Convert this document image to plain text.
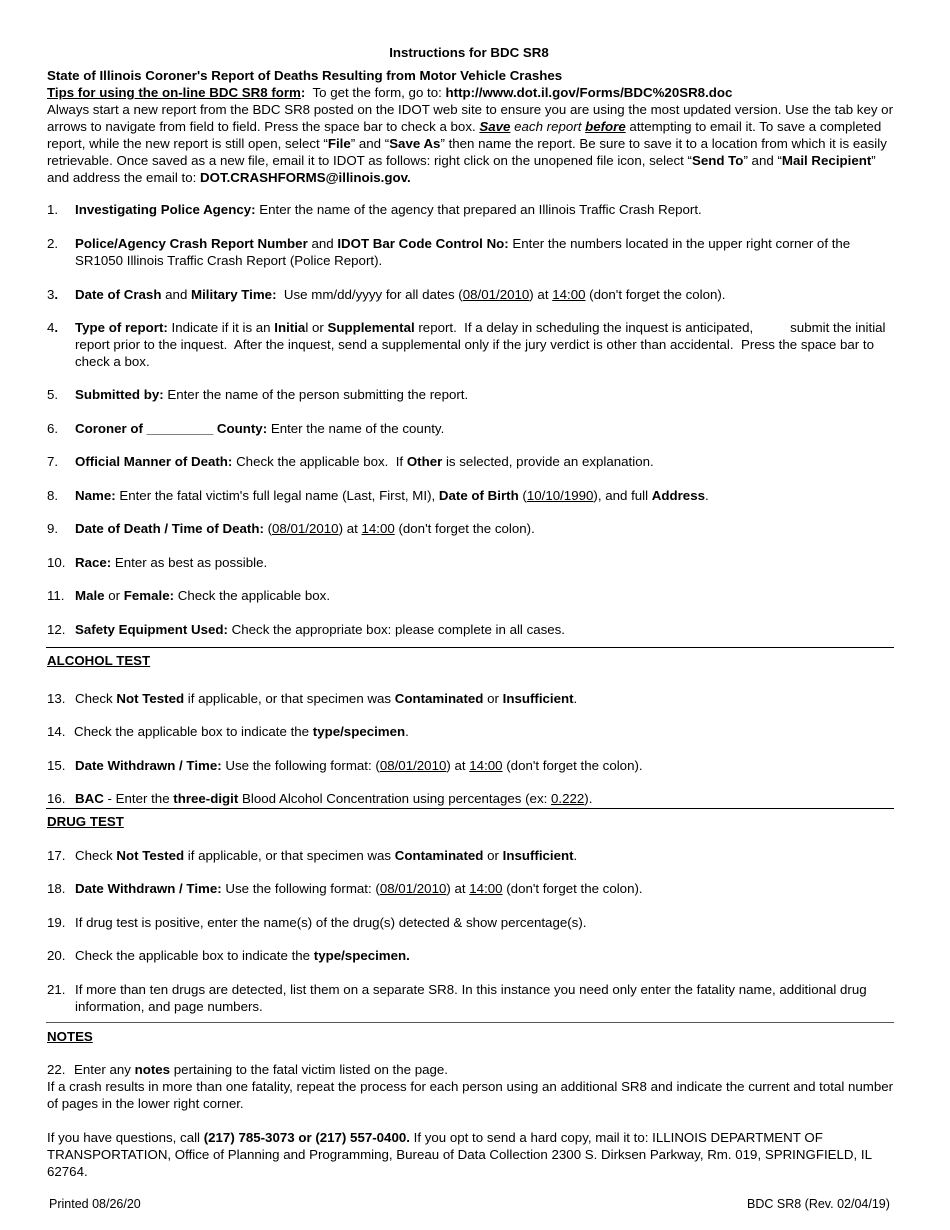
Instructions for BDC SR8
State of Illinois Coroner's Report of Deaths Resulting from Motor Vehicle Crashes
Tips for using the on-line BDC SR8 form:  To get the form, go to: http://www.dot.il.gov/Forms/BDC%20SR8.doc
Always start a new report from the BDC SR8 posted on the IDOT web site to ensure you are using the most updated version. Use the tab key or arrows to navigate from field to field. Press the space bar to check a box. Save each report before attempting to email it. To save a completed report, while the new report is still open, select “File” and “Save As” then name the report. Be sure to save it to a location from which it is easily retrievable. Once saved as a new file, email it to IDOT as follows: right click on the unopened file icon, select “Send To” and “Mail Recipient” and address the email to: DOT.CRASHFORMS@illinois.gov.
1. Investigating Police Agency: Enter the name of the agency that prepared an Illinois Traffic Crash Report.
2. Police/Agency Crash Report Number and IDOT Bar Code Control No: Enter the numbers located in the upper right corner of the SR1050 Illinois Traffic Crash Report (Police Report).
3. Date of Crash and Military Time:  Use mm/dd/yyyy for all dates (08/01/2010) at 14:00 (don't forget the colon).
4. Type of report: Indicate if it is an Initial or Supplemental report.  If a delay in scheduling the inquest is anticipated,          submit the initial report prior to the inquest.  After the inquest, send a supplemental only if the jury verdict is other than accidental.  Press the space bar to check a box.
5. Submitted by: Enter the name of the person submitting the report.
6. Coroner of _________ County: Enter the name of the county.
7. Official Manner of Death: Check the applicable box.  If Other is selected, provide an explanation.
8. Name: Enter the fatal victim's full legal name (Last, First, MI), Date of Birth (10/10/1990), and full Address.
9. Date of Death / Time of Death: (08/01/2010) at 14:00 (don't forget the colon).
10. Race: Enter as best as possible.
11. Male or Female: Check the applicable box.
12. Safety Equipment Used: Check the appropriate box: please complete in all cases.
ALCOHOL TEST
13. Check Not Tested if applicable, or that specimen was Contaminated or Insufficient.
14. Check the applicable box to indicate the type/specimen.
15. Date Withdrawn / Time: Use the following format: (08/01/2010) at 14:00 (don't forget the colon).
16. BAC - Enter the three-digit Blood Alcohol Concentration using percentages (ex: 0.222).
DRUG TEST
17. Check Not Tested if applicable, or that specimen was Contaminated or Insufficient.
18. Date Withdrawn / Time: Use the following format: (08/01/2010) at 14:00 (don't forget the colon).
19. If drug test is positive, enter the name(s) of the drug(s) detected & show percentage(s).
20. Check the applicable box to indicate the type/specimen.
21. If more than ten drugs are detected, list them on a separate SR8. In this instance you need only enter the fatality name, additional drug information, and page numbers.
NOTES
22. Enter any notes pertaining to the fatal victim listed on the page.
If a crash results in more than one fatality, repeat the process for each person using an additional SR8 and indicate the current and total number of pages in the lower right corner.
If you have questions, call (217) 785-3073 or (217) 557-0400. If you opt to send a hard copy, mail it to: ILLINOIS DEPARTMENT OF TRANSPORTATION, Office of Planning and Programming, Bureau of Data Collection 2300 S. Dirksen Parkway, Rm. 019, SPRINGFIELD, IL 62764.
Printed 08/26/20	BDC SR8 (Rev. 02/04/19)
